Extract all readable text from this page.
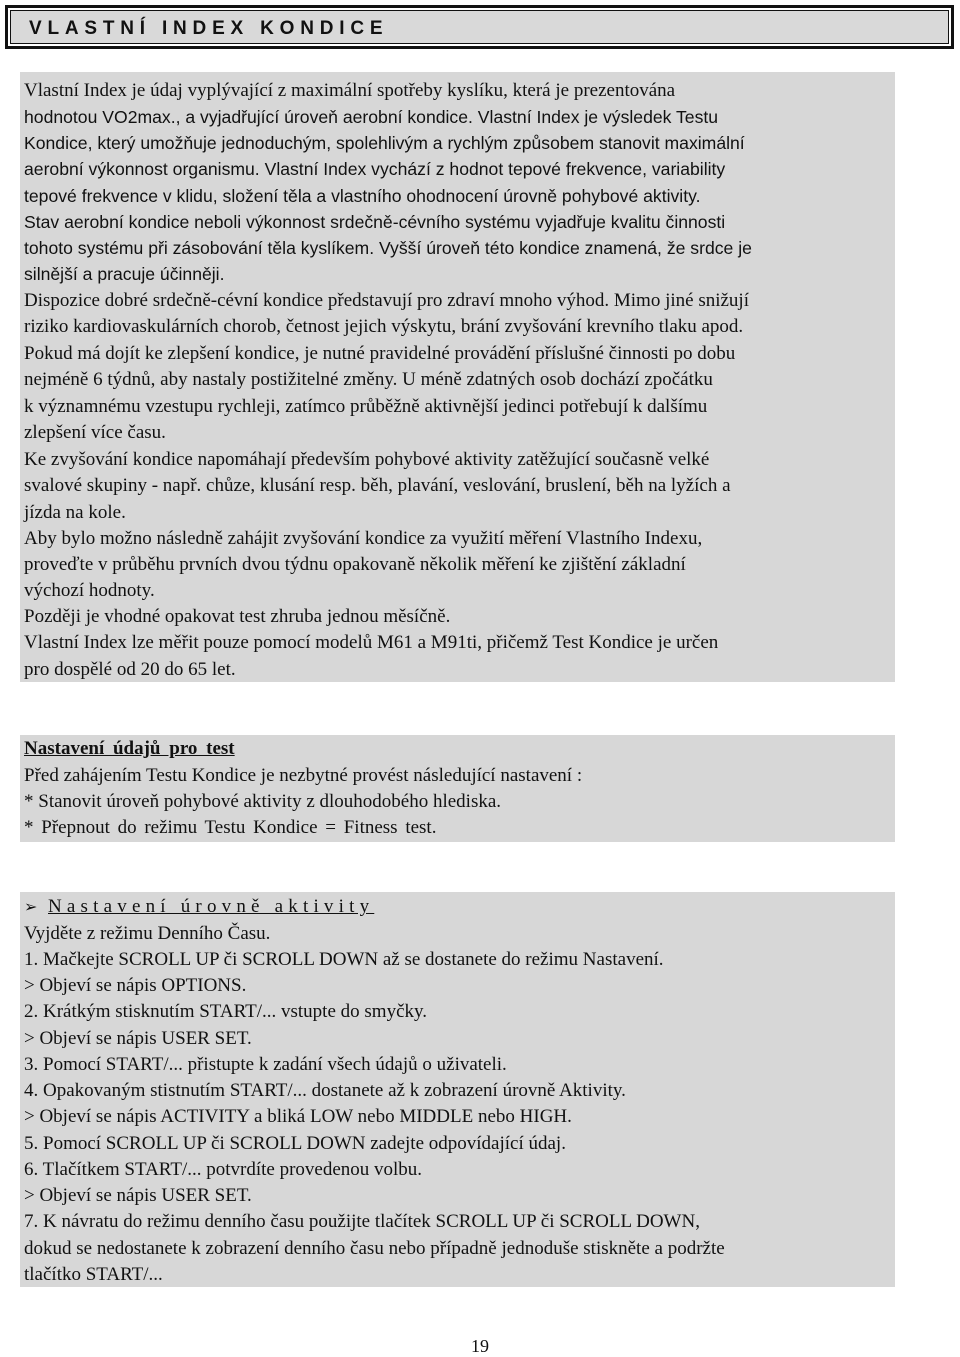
VLASTNÍ INDEX KONDICE
Vlastní Index je údaj vyplývající z maximální spotřeby kyslíku, která je prezentována
hodnotou VO2max., a vyjadřující úroveň aerobní kondice. Vlastní Index je výsledek Testu
Kondice, který umožňuje jednoduchým, spolehlivým a rychlým způsobem stanovit maximální
aerobní výkonnost organismu. Vlastní Index vychází z hodnot tepové frekvence, variability
tepové frekvence v klidu, složení těla a vlastního ohodnocení úrovně pohybové aktivity.
Stav aerobní kondice neboli výkonnost srdečně-cévního systému vyjadřuje kvalitu činnosti
tohoto systému při zásobování těla kyslíkem. Vyšší úroveň této kondice znamená, že srdce je
silnější a pracuje účinněji.
Dispozice dobré srdečně-cévní kondice představují pro zdraví mnoho výhod. Mimo jiné snižují
riziko kardiovaskulárních chorob, četnost jejich výskytu, brání zvyšování krevního tlaku apod.
Pokud má dojít ke zlepšení kondice, je nutné pravidelné provádění příslušné činnosti po dobu
nejméně 6 týdnů, aby nastaly postižitelné změny. U méně zdatných osob dochází zpočátku
k významnému vzestupu rychleji, zatímco průběžně aktivnější jedinci potřebují k dalšímu
zlepšení více času.
Ke zvyšování kondice napomáhají především pohybové aktivity zatěžující současně velké
svalové skupiny - např. chůze, klusání resp. běh, plavání, veslování, bruslení, běh na lyžích a
jízda na kole.
Aby bylo možno následně zahájit zvyšování kondice za využití měření Vlastního Indexu,
proveďte v průběhu prvních dvou týdnu opakovaně několik měření ke zjištění základní
výchozí hodnoty.
Později je vhodné opakovat test zhruba jednou měsíčně.
Vlastní Index lze měřit pouze pomocí modelů M61 a M91ti, přičemž Test Kondice je určen
pro dospělé od 20 do 65 let.
Nastavení údajů pro test
Před zahájením Testu Kondice je nezbytné provést následující nastavení :
* Stanovit úroveň pohybové aktivity z dlouhodobého hlediska.
* Přepnout do režimu Testu Kondice = Fitness test.
➢ Nastavení úrovně aktivity
Vyjděte z režimu Denního Času.
1. Mačkejte SCROLL UP či SCROLL DOWN až se dostanete do režimu Nastavení.
> Objeví se nápis OPTIONS.
2. Krátkým stisknutím START/... vstupte do smyčky.
> Objeví se nápis USER SET.
3. Pomocí START/... přistupte k zadání všech údajů o uživateli.
4. Opakovaným stistnutím START/... dostanete až k zobrazení úrovně Aktivity.
> Objeví se nápis ACTIVITY a bliká LOW nebo MIDDLE nebo HIGH.
5. Pomocí SCROLL UP či SCROLL DOWN zadejte odpovídající údaj.
6. Tlačítkem START/... potvrdíte provedenou volbu.
> Objeví se nápis USER SET.
7. K návratu do režimu denního času použijte tlačítek SCROLL UP či SCROLL DOWN,
dokud se nedostanete k zobrazení denního času nebo případně jednoduše stiskněte a podržte
tlačítko START/...
19
